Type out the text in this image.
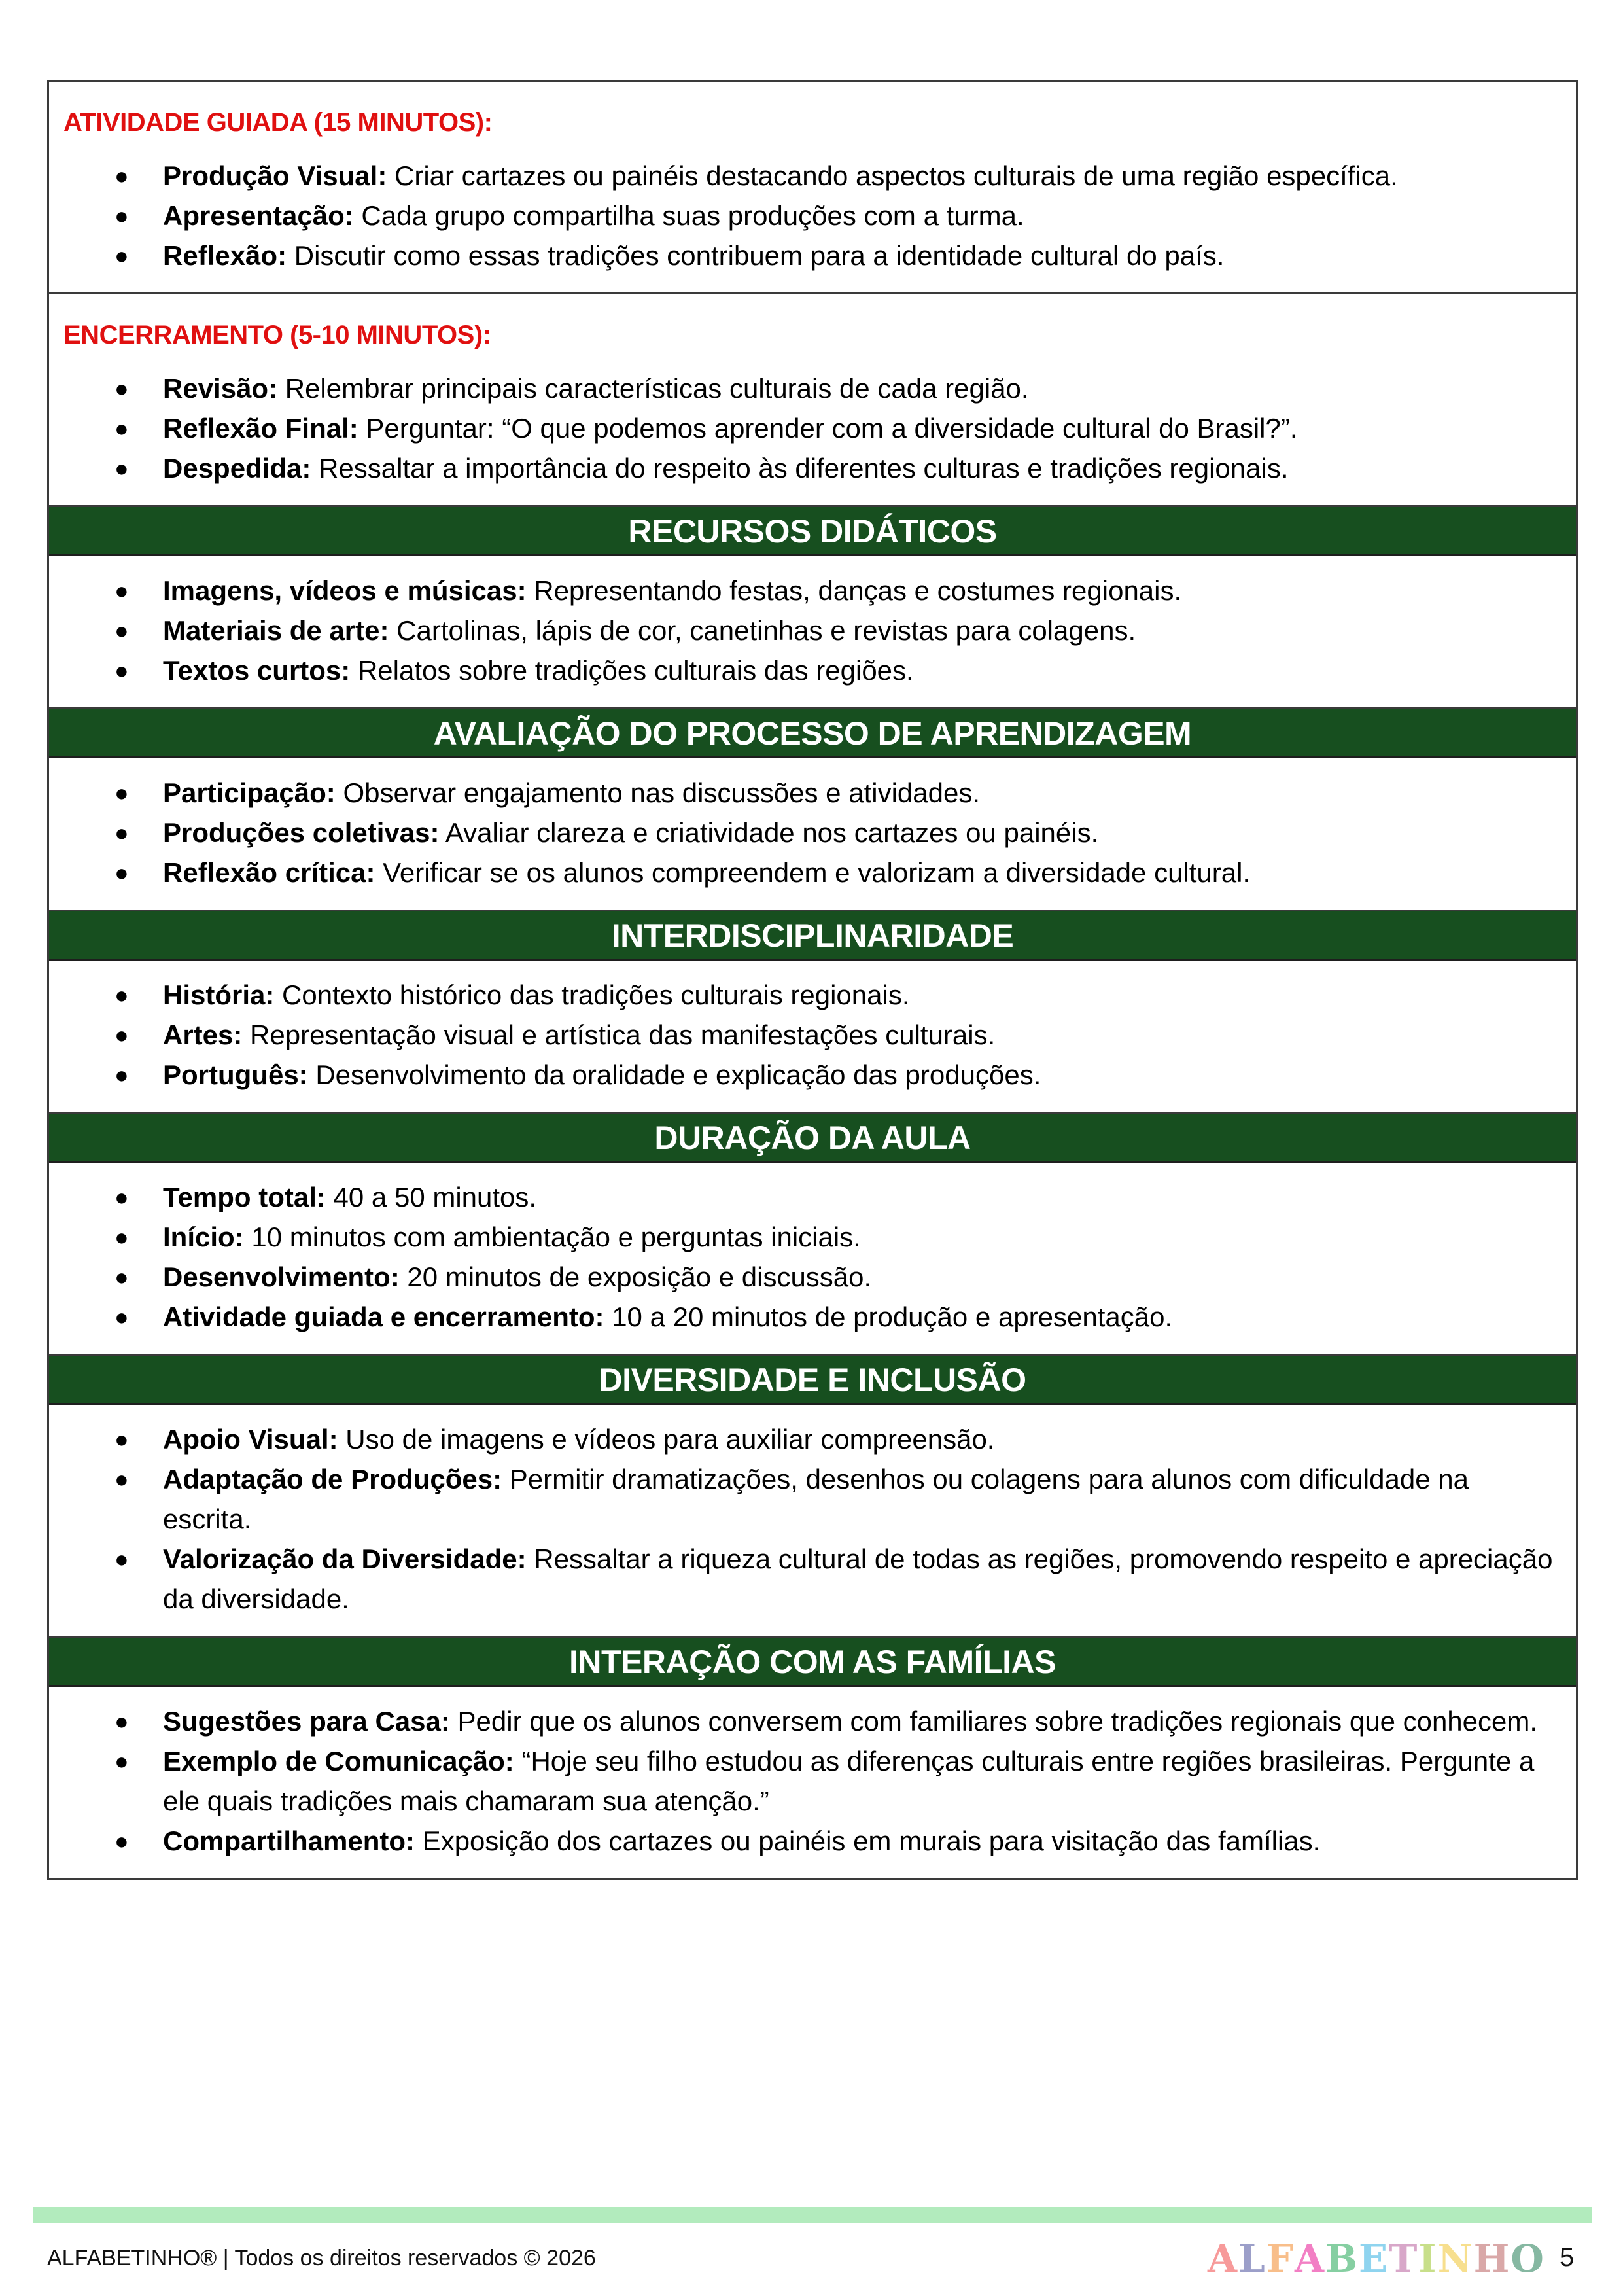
ATIVIDADE GUIADA (15 MINUTOS):
● Produção Visual: Criar cartazes ou painéis destacando aspectos culturais de uma região específica.
● Apresentação: Cada grupo compartilha suas produções com a turma.
● Reflexão: Discutir como essas tradições contribuem para a identidade cultural do país.
ENCERRAMENTO (5-10 MINUTOS):
● Revisão: Relembrar principais características culturais de cada região.
● Reflexão Final: Perguntar: “O que podemos aprender com a diversidade cultural do Brasil?”.
● Despedida: Ressaltar a importância do respeito às diferentes culturas e tradições regionais.
RECURSOS DIDÁTICOS
● Imagens, vídeos e músicas: Representando festas, danças e costumes regionais.
● Materiais de arte: Cartolinas, lápis de cor, canetinhas e revistas para colagens.
● Textos curtos: Relatos sobre tradições culturais das regiões.
AVALIAÇÃO DO PROCESSO DE APRENDIZAGEM
● Participação: Observar engajamento nas discussões e atividades.
● Produções coletivas: Avaliar clareza e criatividade nos cartazes ou painéis.
● Reflexão crítica: Verificar se os alunos compreendem e valorizam a diversidade cultural.
INTERDISCIPLINARIDADE
● História: Contexto histórico das tradições culturais regionais.
● Artes: Representação visual e artística das manifestações culturais.
● Português: Desenvolvimento da oralidade e explicação das produções.
DURAÇÃO DA AULA
● Tempo total: 40 a 50 minutos.
● Início: 10 minutos com ambientação e perguntas iniciais.
● Desenvolvimento: 20 minutos de exposição e discussão.
● Atividade guiada e encerramento: 10 a 20 minutos de produção e apresentação.
DIVERSIDADE E INCLUSÃO
● Apoio Visual: Uso de imagens e vídeos para auxiliar compreensão.
● Adaptação de Produções: Permitir dramatizações, desenhos ou colagens para alunos com dificuldade na escrita.
● Valorização da Diversidade: Ressaltar a riqueza cultural de todas as regiões, promovendo respeito e apreciação da diversidade.
INTERAÇÃO COM AS FAMÍLIAS
● Sugestões para Casa: Pedir que os alunos conversem com familiares sobre tradições regionais que conhecem.
● Exemplo de Comunicação: “Hoje seu filho estudou as diferenças culturais entre regiões brasileiras. Pergunte a ele quais tradições mais chamaram sua atenção.”
● Compartilhamento: Exposição dos cartazes ou painéis em murais para visitação das famílias.
ALFABETINHO® | Todos os direitos reservados © 2026	ALFABETINHO 5
